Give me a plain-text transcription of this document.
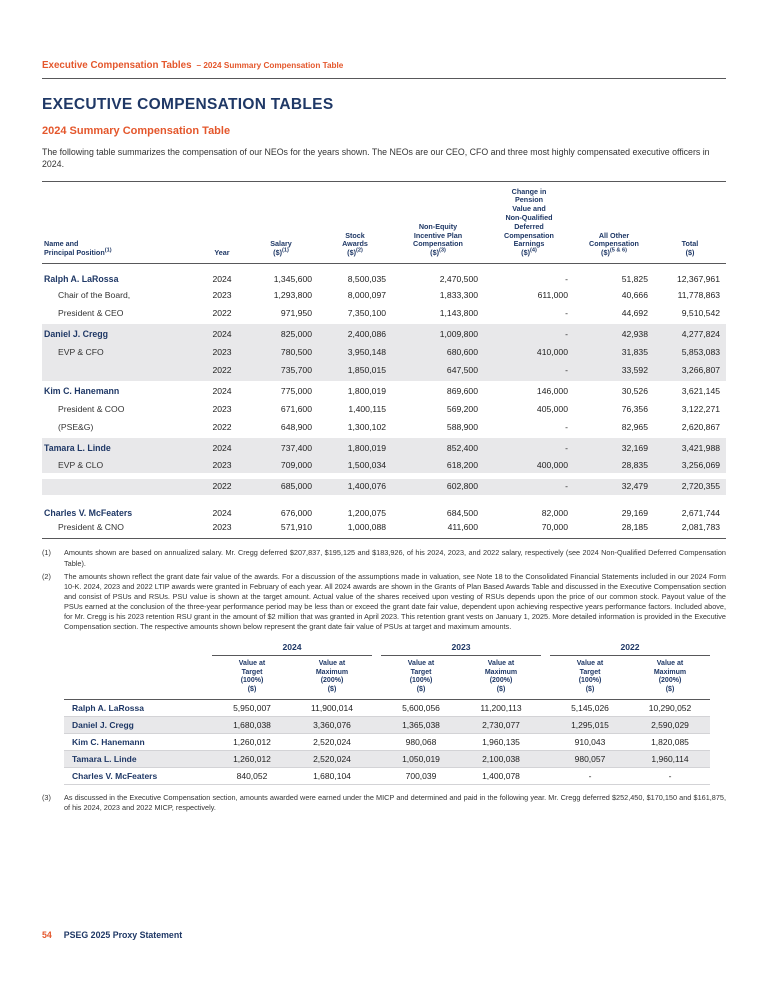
Executive Compensation Tables – 2024 Summary Compensation Table
EXECUTIVE COMPENSATION TABLES
2024 Summary Compensation Table

The following table summarizes the compensation of our NEOs for the years shown. The NEOs are our CEO, CFO and three most highly compensated executive officers in 2024.

Name and
Principal Position$^{(1)}$	Year

Salary
($)$^{(1)}$

Stock
Awards
($)$^{(2)}$

Non-Equity
Incentive Plan
Compensation
($)$^{(3)}$

Change in
Pension
Value and
Non-Qualified
Deferred
Compensation
Earnings
($)$^{(4)}$

All Other
Compensation
($)$^{(5 \& 6)}$

Total
($)

Ralph A. LaRossa	2024	1,345,600	8,500,035	2,470,500	-	51,825	12,367,961
Chair of the Board,	2023	1,293,800	8,000,097	1,833,300	611,000	40,666	11,778,863
President & CEO	2022	971,950	7,350,100	1,143,800	-	44,692	9,510,542
Daniel J. Cregg	2024	825,000	2,400,086	1,009,800	-	42,938	4,277,824
EVP & CFO	2023	780,500	3,950,148	680,600	410,000	31,835	5,853,083
	2022	735,700	1,850,015	647,500	-	33,592	3,266,807
Kim C. Hanemann	2024	775,000	1,800,019	869,600	146,000	30,526	3,621,145
President & COO	2023	671,600	1,400,115	569,200	405,000	76,356	3,122,271
(PSE&G)	2022	648,900	1,300,102	588,900	-	82,965	2,620,867
Tamara L. Linde	2024	737,400	1,800,019	852,400	-	32,169	3,421,988
EVP & CLO	2023	709,000	1,500,034	618,200	400,000	28,835	3,256,069
	2022	685,000	1,400,076	602,800	-	32,479	2,720,355
Charles V. McFeaters	2024	676,000	1,200,075	684,500	82,000	29,169	2,671,744
President & CNO	2023	571,910	1,000,088	411,600	70,000	28,185	2,081,783
(1)	Amounts shown are based on annualized salary. Mr. Cregg deferred $207,837, $195,125 and $183,926, of his 2024, 2023, and 2022 salary, respectively (see 2024 Non-Qualified Deferred Compensation Table).
(2)	The amounts shown reflect the grant date fair value of the awards. For a discussion of the assumptions made in valuation, see Note 18 to the Consolidated Financial Statements included in our 2024 Form 10-K. 2024, 2023 and 2022 LTIP awards were granted in February of each year. All 2024 awards are shown in the Grants of Plan Based Awards Table and discussed in the Executive Compensation section and consist of PSUs and RSUs. PSU value is shown at the target amount. Actual value of the shares received upon vesting of RSUs depends upon the price of our common stock. Payout value of the PSUs earned at the conclusion of the three-year performance period may be less than or exceed the grant date fair value, dependent upon achieving respective years performance factors. Included above, for Mr. Cregg is his 2023 retention RSU grant in the amount of $2 million that was granted in April 2023. This retention grant vests on January 1, 2025. More detailed information is provided in the Executive Compensation section. The respective amounts shown below represent the grant date fair value of PSUs at target and maximum amounts.
	2024			2023			2022	

Value at
Target
(100%)
($)

Value at
Maximum
(200%)
($)

Value at
Target
(100%)
($)

Value at
Maximum
(200%)
($)

Value at
Target
(100%)
($)

Value at
Maximum
(200%)
($)

Ralph A. LaRossa	5,950,007	11,900,014		5,600,056	11,200,113		5,145,026	10,290,052
Daniel J. Cregg	1,680,038	3,360,076		1,365,038	2,730,077		1,295,015	2,590,029
Kim C. Hanemann	1,260,012	2,520,024		980,068	1,960,135		910,043	1,820,085
Tamara L. Linde	1,260,012	2,520,024		1,050,019	2,100,038		980,057	1,960,114
Charles V. McFeaters	840,052	1,680,104		700,039	1,400,078		-	-
(3)	As discussed in the Executive Compensation section, amounts awarded were earned under the MICP and determined and paid in the following year. Mr. Cregg deferred $252,450, $170,150 and $161,875, of his 2024, 2023 and 2022 MICP, respectively.
54 PSEG 2025 Proxy Statement
